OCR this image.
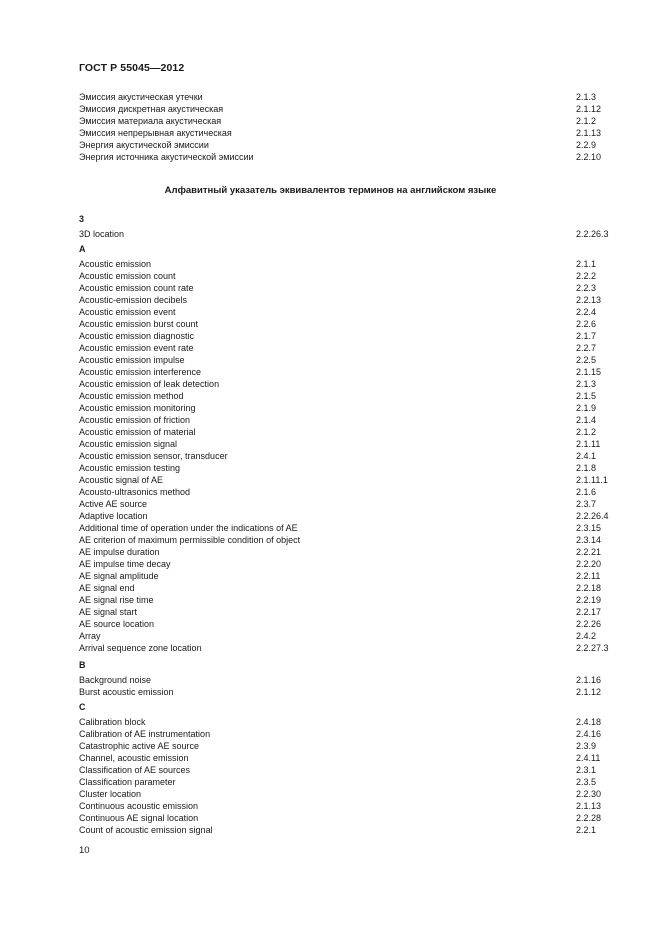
ГОСТ Р 55045—2012
Эмиссия акустическая утечки	2.1.3
Эмиссия дискретная акустическая	2.1.12
Эмиссия материала акустическая	2.1.2
Эмиссия непрерывная акустическая	2.1.13
Энергия акустической эмиссии	2.2.9
Энергия источника акустической эмиссии	2.2.10
Алфавитный указатель эквивалентов терминов на английском языке
3
3D location	2.2.26.3
A
Acoustic emission	2.1.1
Acoustic emission count	2.2.2
Acoustic emission count rate	2.2.3
Acoustic-emission decibels	2.2.13
Acoustic emission event	2.2.4
Acoustic emission burst count	2.2.6
Acoustic emission diagnostic	2.1.7
Acoustic emission event rate	2.2.7
Acoustic emission impulse	2.2.5
Acoustic emission interference	2.1.15
Acoustic emission of leak detection	2.1.3
Acoustic emission method	2.1.5
Acoustic emission monitoring	2.1.9
Acoustic emission of friction	2.1.4
Acoustic emission of material	2.1.2
Acoustic emission signal	2.1.11
Acoustic emission sensor, transducer	2.4.1
Acoustic emission testing	2.1.8
Acoustic signal of AE	2.1.11.1
Acousto-ultrasonics method	2.1.6
Active AE source	2.3.7
Adaptive location	2.2.26.4
Additional time of operation under the indications of AE	2.3.15
AE criterion of maximum permissible condition of object	2.3.14
AE impulse duration	2.2.21
AE impulse time decay	2.2.20
AE signal amplitude	2.2.11
AE signal end	2.2.18
AE signal rise time	2.2.19
AE signal start	2.2.17
AE source location	2.2.26
Array	2.4.2
Arrival sequence zone location	2.2.27.3
B
Background noise	2.1.16
Burst acoustic emission	2.1.12
C
Calibration block	2.4.18
Calibration of AE instrumentation	2.4.16
Catastrophic active AE source	2.3.9
Channel, acoustic emission	2.4.11
Classification of AE sources	2.3.1
Classification parameter	2.3.5
Cluster location	2.2.30
Continuous acoustic emission	2.1.13
Continuous AE signal location	2.2.28
Count of acoustic emission signal	2.2.1
10
